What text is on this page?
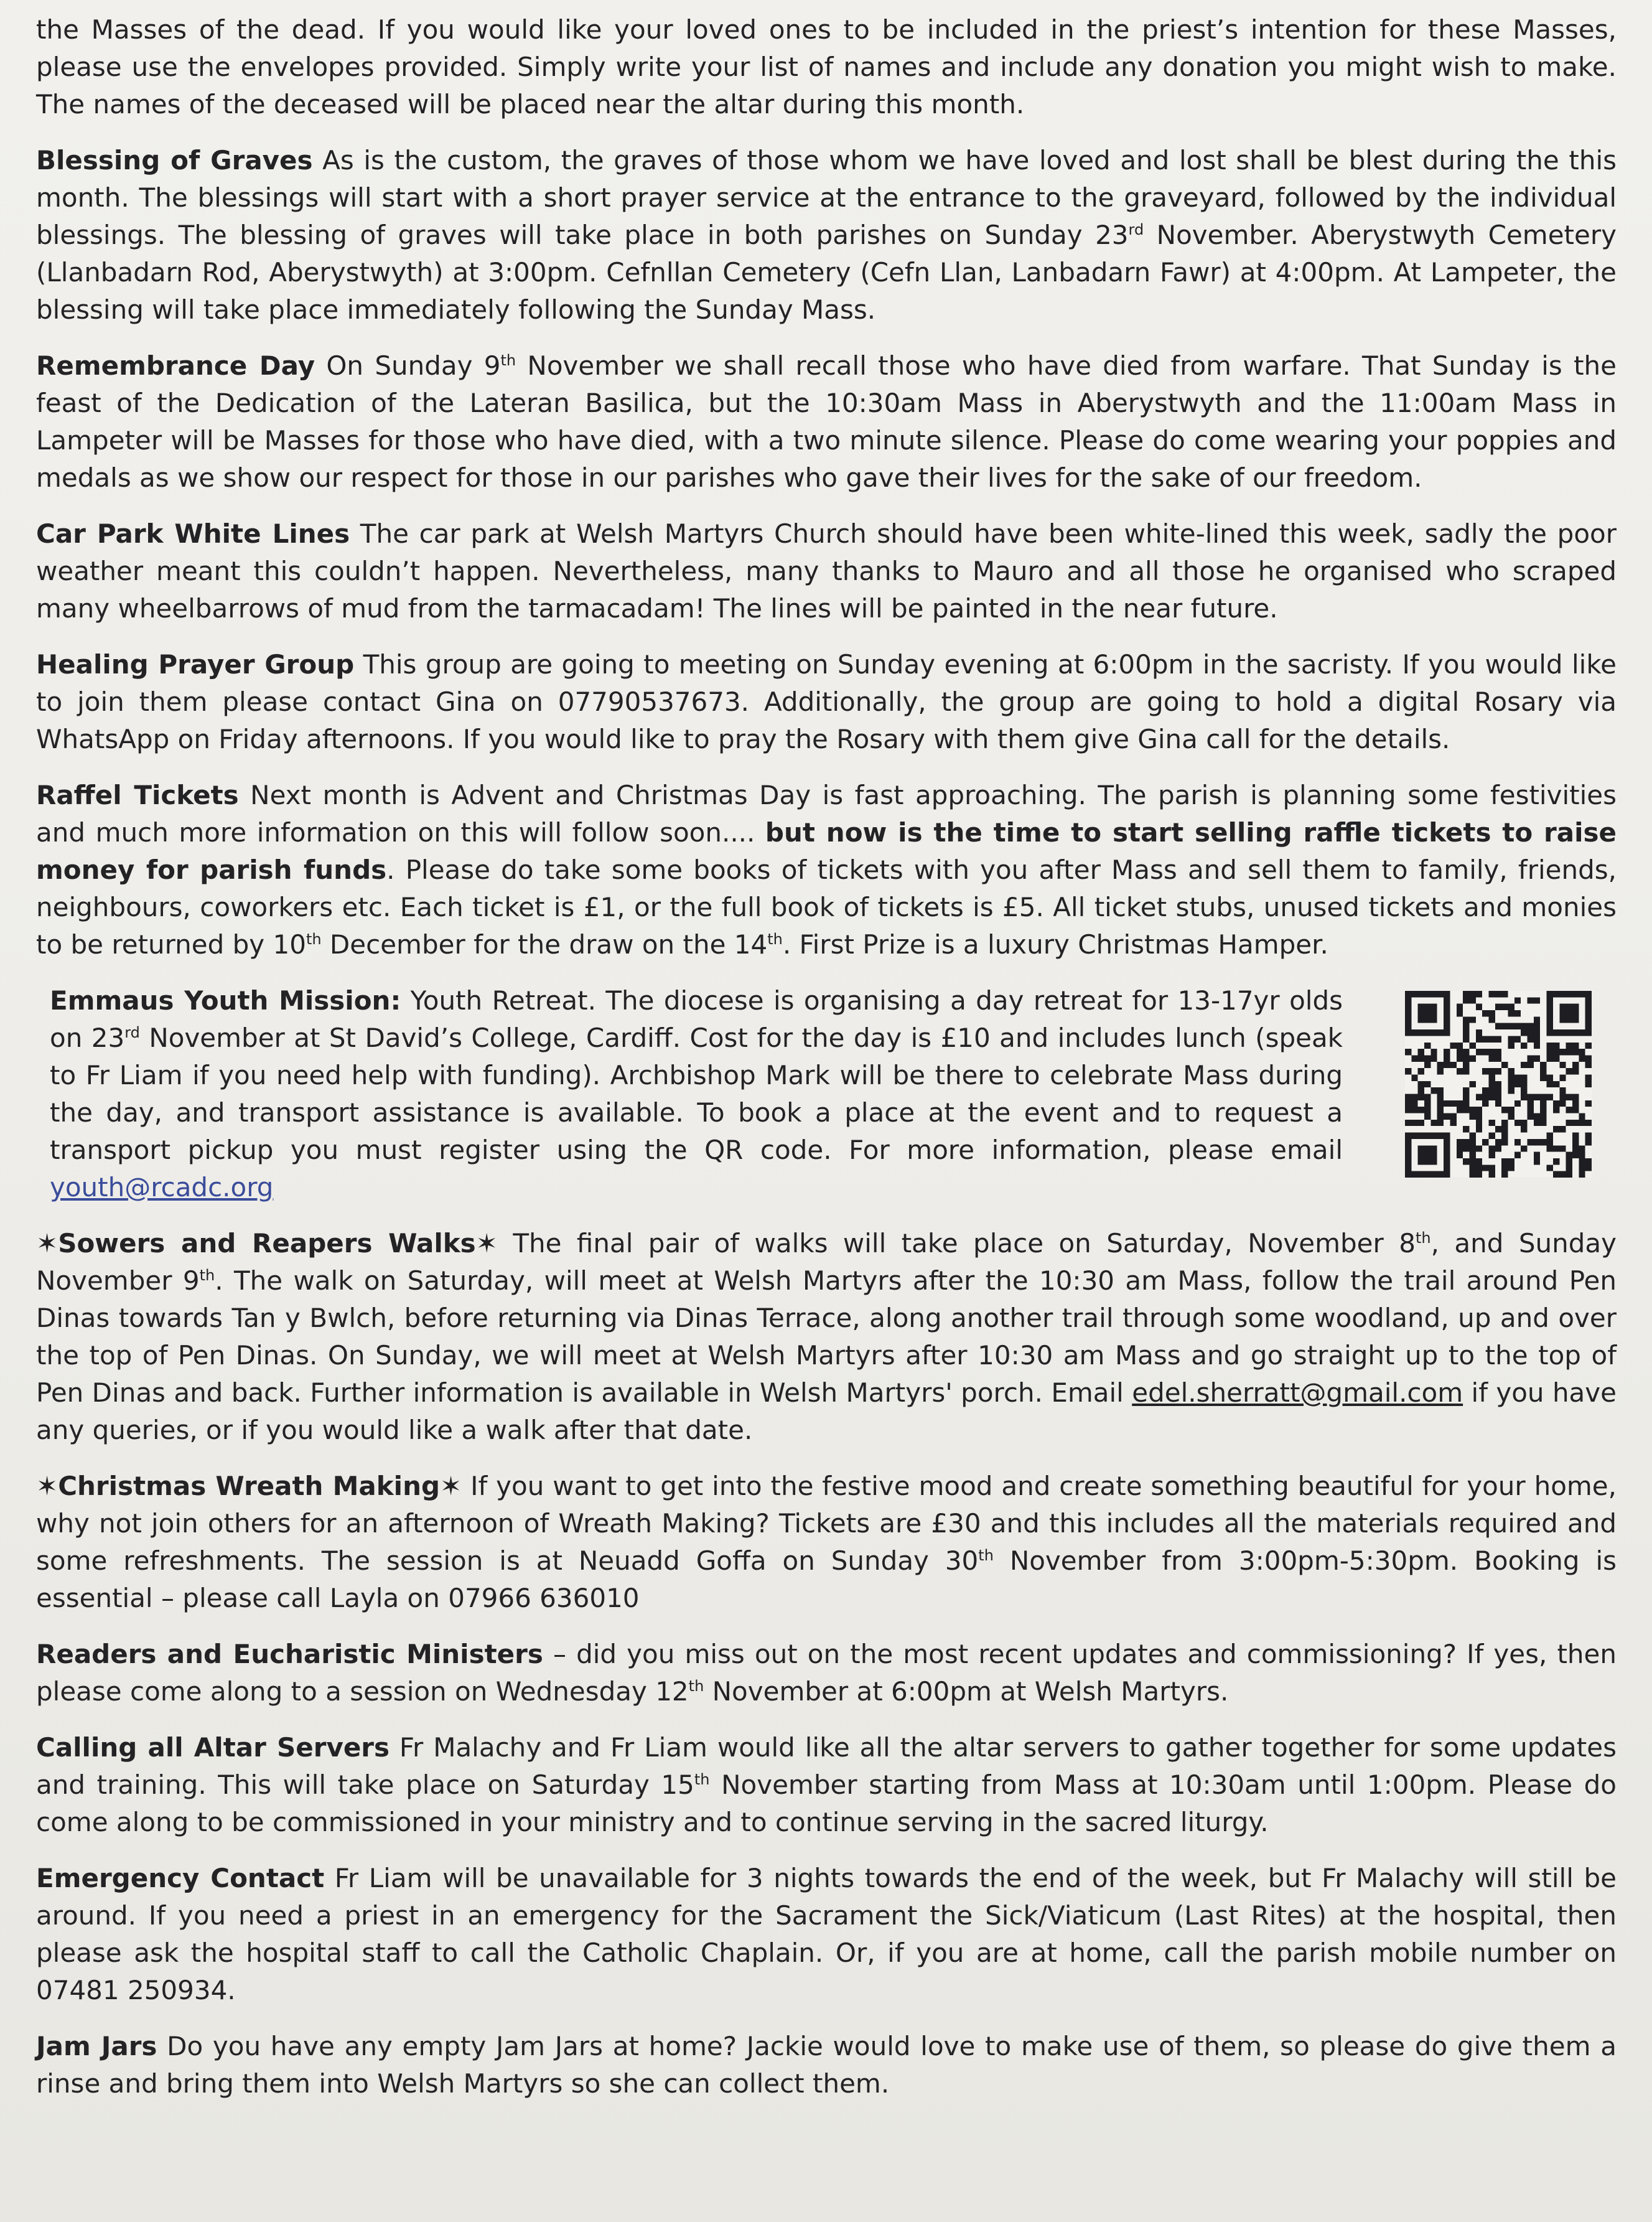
the Masses of the dead. If you would like your loved ones to be included in the priest’s intention for these Masses, please use the envelopes provided. Simply write your list of names and include any donation you might wish to make. The names of the deceased will be placed near the altar during this month.

Blessing of Graves As is the custom, the graves of those whom we have loved and lost shall be blest during the this month. The blessings will start with a short prayer service at the entrance to the graveyard, followed by the individual blessings. The blessing of graves will take place in both parishes on Sunday 23rd November. Aberystwyth Cemetery (Llanbadarn Rod, Aberystwyth) at 3:00pm. Cefnllan Cemetery (Cefn Llan, Lanbadarn Fawr) at 4:00pm. At Lampeter, the blessing will take place immediately following the Sunday Mass.

Remembrance Day On Sunday 9th November we shall recall those who have died from warfare. That Sunday is the feast of the Dedication of the Lateran Basilica, but the 10:30am Mass in Aberystwyth and the 11:00am Mass in Lampeter will be Masses for those who have died, with a two minute silence. Please do come wearing your poppies and medals as we show our respect for those in our parishes who gave their lives for the sake of our freedom.

Car Park White Lines The car park at Welsh Martyrs Church should have been white-lined this week, sadly the poor weather meant this couldn’t happen. Nevertheless, many thanks to Mauro and all those he organised who scraped many wheelbarrows of mud from the tarmacadam! The lines will be painted in the near future.

Healing Prayer Group This group are going to meeting on Sunday evening at 6:00pm in the sacristy. If you would like to join them please contact Gina on 07790537673. Additionally, the group are going to hold a digital Rosary via WhatsApp on Friday afternoons. If you would like to pray the Rosary with them give Gina call for the details.

Raffel Tickets Next month is Advent and Christmas Day is fast approaching. The parish is planning some festivities and much more information on this will follow soon.... but now is the time to start selling raffle tickets to raise money for parish funds. Please do take some books of tickets with you after Mass and sell them to family, friends, neighbours, coworkers etc. Each ticket is £1, or the full book of tickets is £5. All ticket stubs, unused tickets and monies to be returned by 10th December for the draw on the 14th. First Prize is a luxury Christmas Hamper.

Emmaus Youth Mission: Youth Retreat. The diocese is organising a day retreat for 13-17yr olds on 23rd November at St David’s College, Cardiff. Cost for the day is £10 and includes lunch (speak to Fr Liam if you need help with funding). Archbishop Mark will be there to celebrate Mass during the day, and transport assistance is available. To book a place at the event and to request a transport pickup you must register using the QR code. For more information, please email youth@rcadc.org

✶Sowers and Reapers Walks✶ The final pair of walks will take place on Saturday, November 8th, and Sunday November 9th. The walk on Saturday, will meet at Welsh Martyrs after the 10:30 am Mass, follow the trail around Pen Dinas towards Tan y Bwlch, before returning via Dinas Terrace, along another trail through some woodland, up and over the top of Pen Dinas. On Sunday, we will meet at Welsh Martyrs after 10:30 am Mass and go straight up to the top of Pen Dinas and back. Further information is available in Welsh Martyrs' porch. Email edel.sherratt@gmail.com if you have any queries, or if you would like a walk after that date.

✶Christmas Wreath Making✶ If you want to get into the festive mood and create something beautiful for your home, why not join others for an afternoon of Wreath Making? Tickets are £30 and this includes all the materials required and some refreshments. The session is at Neuadd Goffa on Sunday 30th November from 3:00pm-5:30pm. Booking is essential – please call Layla on 07966 636010

Readers and Eucharistic Ministers – did you miss out on the most recent updates and commissioning? If yes, then please come along to a session on Wednesday 12th November at 6:00pm at Welsh Martyrs.

Calling all Altar Servers Fr Malachy and Fr Liam would like all the altar servers to gather together for some updates and training. This will take place on Saturday 15th November starting from Mass at 10:30am until 1:00pm. Please do come along to be commissioned in your ministry and to continue serving in the sacred liturgy.

Emergency Contact Fr Liam will be unavailable for 3 nights towards the end of the week, but Fr Malachy will still be around. If you need a priest in an emergency for the Sacrament the Sick/Viaticum (Last Rites) at the hospital, then please ask the hospital staff to call the Catholic Chaplain. Or, if you are at home, call the parish mobile number on 07481 250934.

Jam Jars Do you have any empty Jam Jars at home? Jackie would love to make use of them, so please do give them a rinse and bring them into Welsh Martyrs so she can collect them.
